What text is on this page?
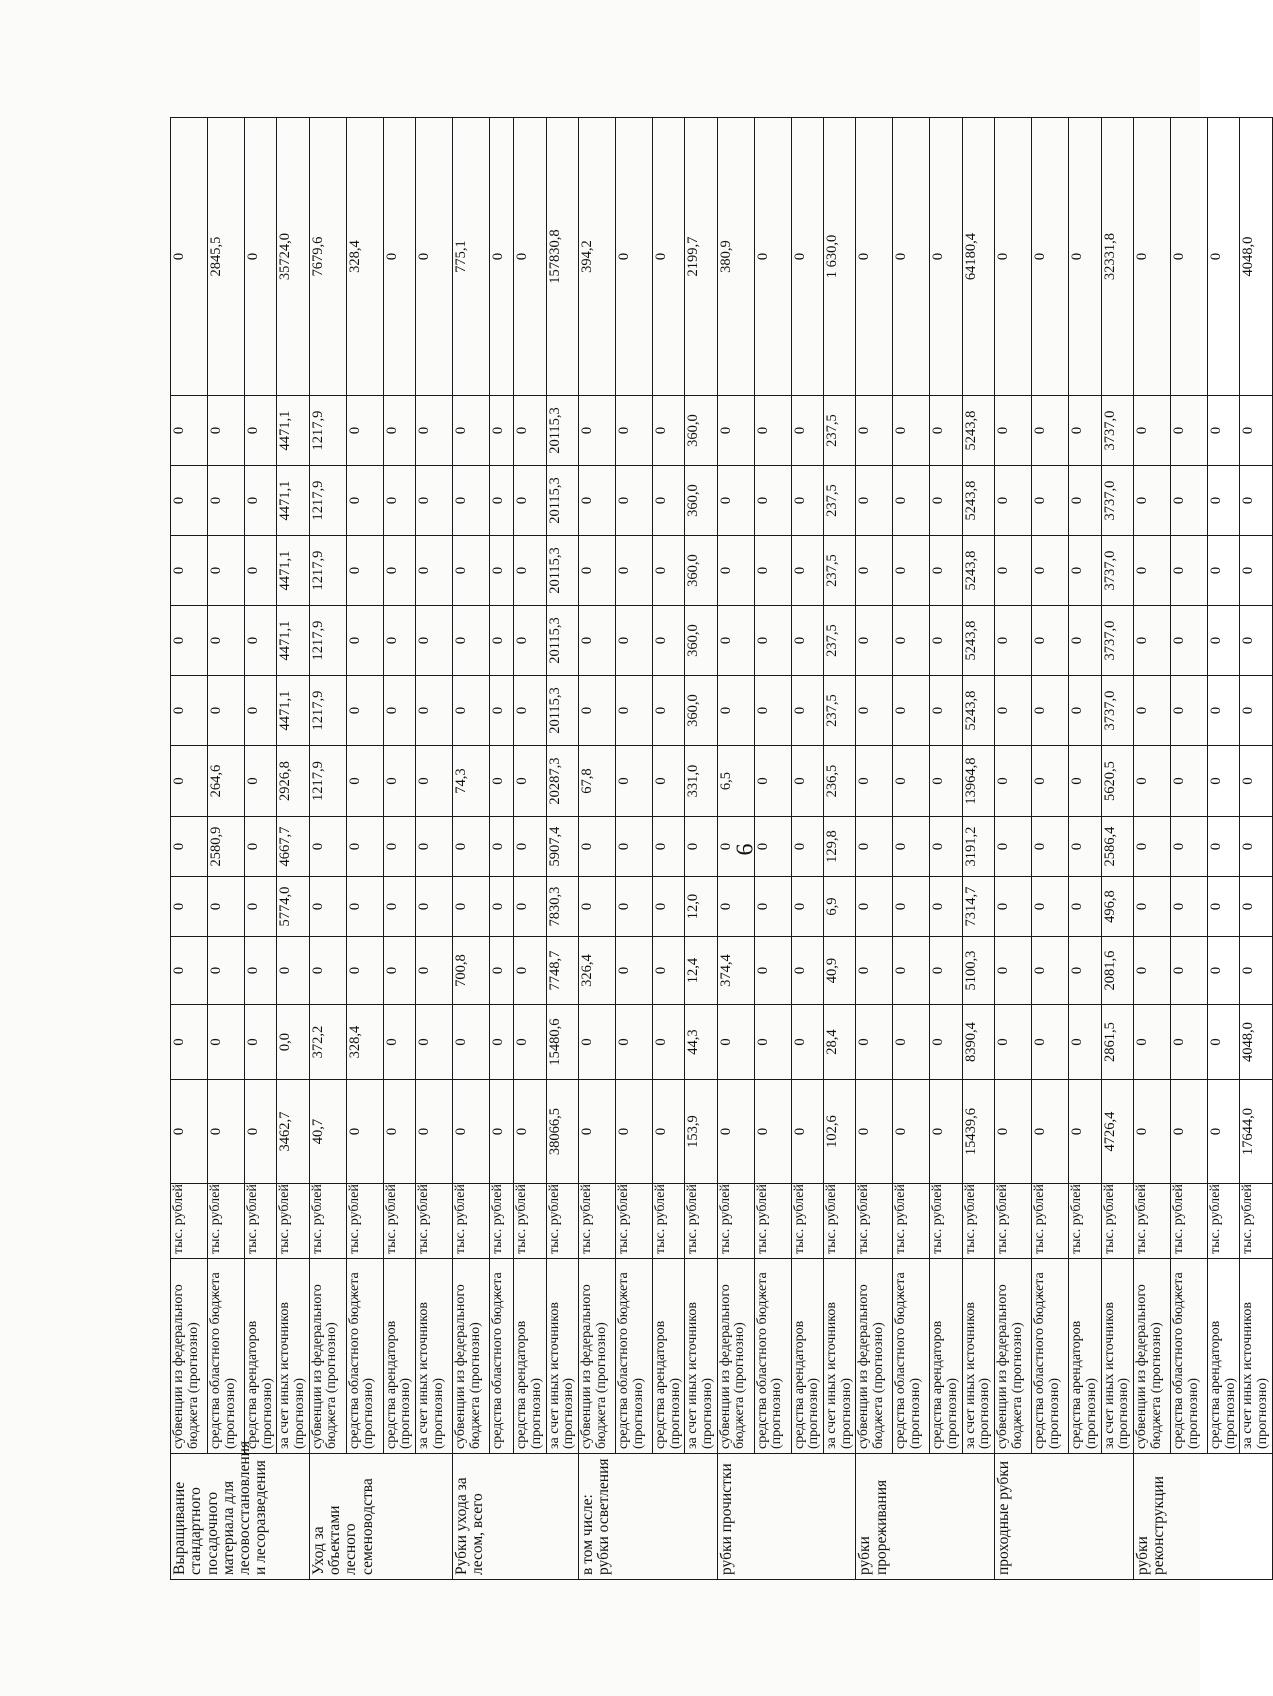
6
Выращивание стандартного посадочного материала для лесовосстановления и лесоразведения	субвенции из федерального бюджета (прогнозно)	тыс. рублей	0	0	0	0	0	0	0	0	0	0	0	0
	средства областного бюджета (прогнозно)	тыс. рублей	0	0	0	0	2580,9	264,6	0	0	0	0	0	2845,5
	средства арендаторов (прогнозно)	тыс. рублей	0	0	0	0	0	0	0	0	0	0	0	0
	за счет иных источников (прогнозно)	тыс. рублей	3462,7	0,0	0	5774,0	4667,7	2926,8	4471,1	4471,1	4471,1	4471,1	4471,1	35724,0
Уход за объектами лесного семеноводства	субвенции из федерального бюджета (прогнозно)	тыс. рублей	40,7	372,2	0	0	0	1217,9	1217,9	1217,9	1217,9	1217,9	1217,9	7679,6
	средства областного бюджета (прогнозно)	тыс. рублей	0	328,4	0	0	0	0	0	0	0	0	0	328,4
	средства арендаторов (прогнозно)	тыс. рублей	0	0	0	0	0	0	0	0	0	0	0	0
	за счет иных источников (прогнозно)	тыс. рублей	0	0	0	0	0	0	0	0	0	0	0	0
Рубки ухода за лесом, всего	субвенции из федерального бюджета (прогнозно)	тыс. рублей	0	0	700,8	0	0	74,3	0	0	0	0	0	775,1
	средства областного бюджета	тыс. рублей	0	0	0	0	0	0	0	0	0	0	0	0
	средства арендаторов (прогнозно)	тыс. рублей	0	0	0	0	0	0	0	0	0	0	0	0
	за счет иных источников (прогнозно)	тыс. рублей	38066,5	15480,6	7748,7	7830,3	5907,4	20287,3	20115,3	20115,3	20115,3	20115,3	20115,3	157830,8
в том числе: рубки осветления	субвенции из федерального бюджета (прогнозно)	тыс. рублей	0	0	326,4	0	0	67,8	0	0	0	0	0	394,2
	средства областного бюджета (прогнозно)	тыс. рублей	0	0	0	0	0	0	0	0	0	0	0	0
	средства арендаторов (прогнозно)	тыс. рублей	0	0	0	0	0	0	0	0	0	0	0	0
	за счет иных источников (прогнозно)	тыс. рублей	153,9	44,3	12,4	12,0	0	331,0	360,0	360,0	360,0	360,0	360,0	2199,7
рубки прочистки	субвенции из федерального бюджета (прогнозно)	тыс. рублей	0	0	374,4	0	0	6,5	0	0	0	0	0	380,9
	средства областного бюджета (прогнозно)	тыс. рублей	0	0	0	0	0	0	0	0	0	0	0	0
	средства арендаторов (прогнозно)	тыс. рублей	0	0	0	0	0	0	0	0	0	0	0	0
	за счет иных источников (прогнозно)	тыс. рублей	102,6	28,4	40,9	6,9	129,8	236,5	237,5	237,5	237,5	237,5	237,5	1 630,0
рубки прореживания	субвенции из федерального бюджета (прогнозно)	тыс. рублей	0	0	0	0	0	0	0	0	0	0	0	0
	средства областного бюджета (прогнозно)	тыс. рублей	0	0	0	0	0	0	0	0	0	0	0	0
	средства арендаторов (прогнозно)	тыс. рублей	0	0	0	0	0	0	0	0	0	0	0	0
	за счет иных источников (прогнозно)	тыс. рублей	15439,6	8390,4	5100,3	7314,7	3191,2	13964,8	5243,8	5243,8	5243,8	5243,8	5243,8	64180,4
проходные рубки	субвенции из федерального бюджета (прогнозно)	тыс. рублей	0	0	0	0	0	0	0	0	0	0	0	0
	средства областного бюджета (прогнозно)	тыс. рублей	0	0	0	0	0	0	0	0	0	0	0	0
	средства арендаторов (прогнозно)	тыс. рублей	0	0	0	0	0	0	0	0	0	0	0	0
	за счет иных источников (прогнозно)	тыс. рублей	4726,4	2861,5	2081,6	496,8	2586,4	5620,5	3737,0	3737,0	3737,0	3737,0	3737,0	32331,8
рубки реконструкции	субвенции из федерального бюджета (прогнозно)	тыс. рублей	0	0	0	0	0	0	0	0	0	0	0	0
	средства областного бюджета (прогнозно)	тыс. рублей	0	0	0	0	0	0	0	0	0	0	0	0
	средства арендаторов (прогнозно)	тыс. рублей	0	0	0	0	0	0	0	0	0	0	0	0
	за счет иных источников (прогнозно)	тыс. рублей	17644,0	4048,0	0	0	0	0	0	0	0	0	0	4048,0
